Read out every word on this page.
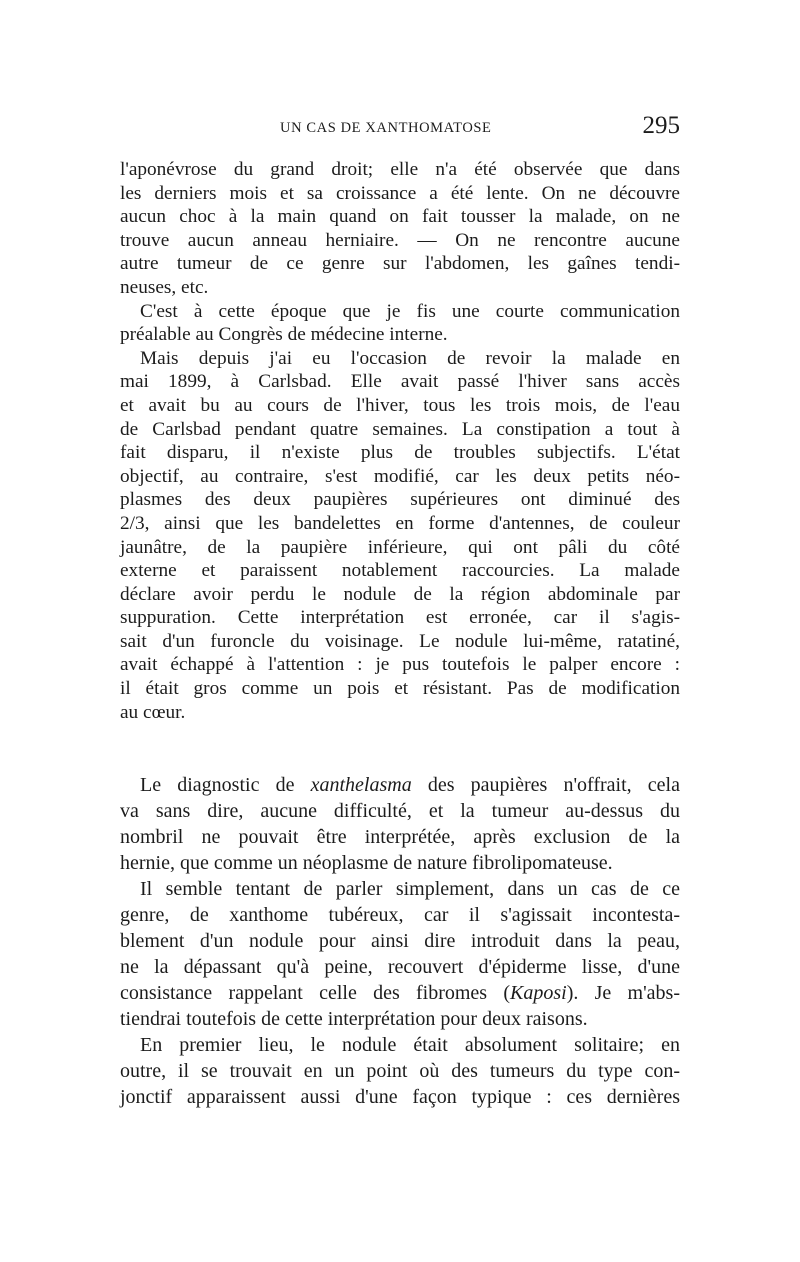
UN CAS DE XANTHOMATOSE	295

l'aponévrose du grand droit; elle n'a été observée que dans
les derniers mois et sa croissance a été lente. On ne découvre
aucun choc à la main quand on fait tousser la malade, on ne
trouve aucun anneau herniaire. — On ne rencontre aucune
autre tumeur de ce genre sur l'abdomen, les gaînes tendi-
neuses, etc.

C'est à cette époque que je fis une courte communication
préalable au Congrès de médecine interne.

Mais depuis j'ai eu l'occasion de revoir la malade en
mai 1899, à Carlsbad. Elle avait passé l'hiver sans accès
et avait bu au cours de l'hiver, tous les trois mois, de l'eau
de Carlsbad pendant quatre semaines. La constipation a tout à
fait disparu, il n'existe plus de troubles subjectifs. L'état
objectif, au contraire, s'est modifié, car les deux petits néo-
plasmes des deux paupières supérieures ont diminué des
2/3, ainsi que les bandelettes en forme d'antennes, de couleur
jaunâtre, de la paupière inférieure, qui ont pâli du côté
externe et paraissent notablement raccourcies. La malade
déclare avoir perdu le nodule de la région abdominale par
suppuration. Cette interprétation est erronée, car il s'agis-
sait d'un furoncle du voisinage. Le nodule lui-même, ratatiné,
avait échappé à l'attention : je pus toutefois le palper encore :
il était gros comme un pois et résistant. Pas de modification
au cœur.

Le diagnostic de xanthelasma des paupières n'offrait, cela
va sans dire, aucune difficulté, et la tumeur au-dessus du
nombril ne pouvait être interprétée, après exclusion de la
hernie, que comme un néoplasme de nature fibrolipomateuse.

Il semble tentant de parler simplement, dans un cas de ce
genre, de xanthome tubéreux, car il s'agissait incontesta-
blement d'un nodule pour ainsi dire introduit dans la peau,
ne la dépassant qu'à peine, recouvert d'épiderme lisse, d'une
consistance rappelant celle des fibromes (Kaposi). Je m'abs-
tiendrai toutefois de cette interprétation pour deux raisons.

En premier lieu, le nodule était absolument solitaire; en
outre, il se trouvait en un point où des tumeurs du type con-
jonctif apparaissent aussi d'une façon typique : ces dernières
